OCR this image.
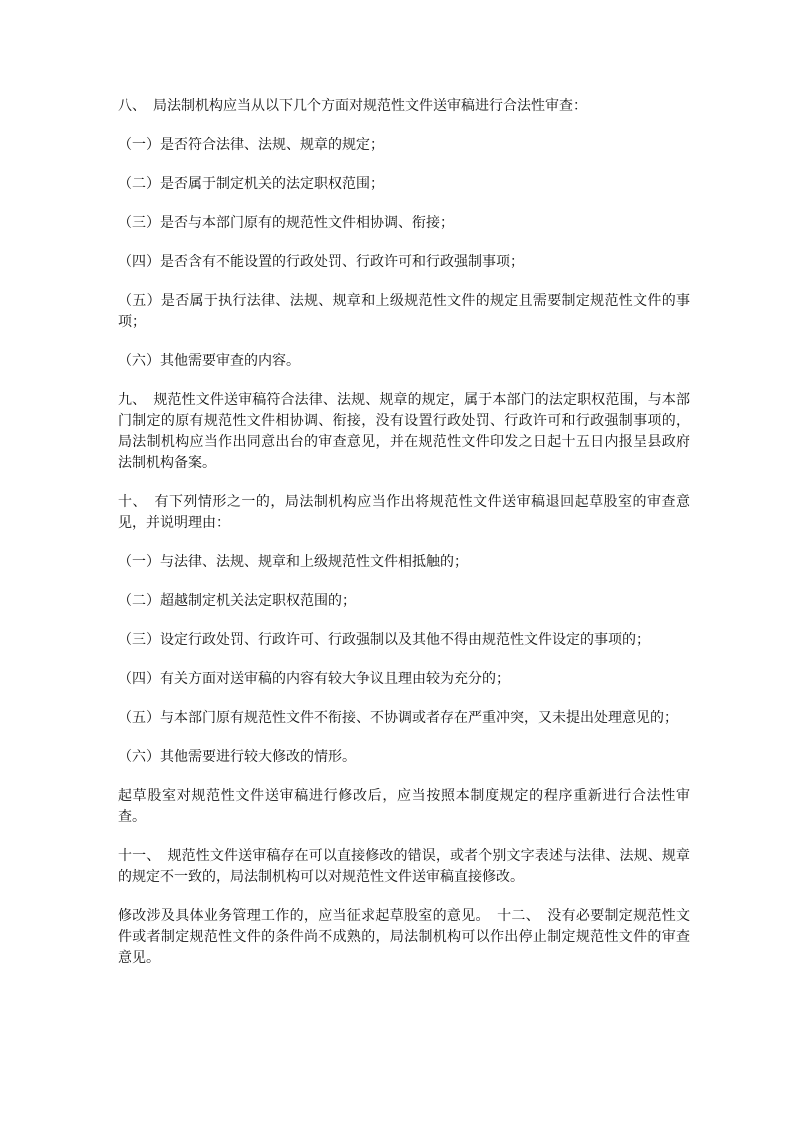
八、　局法制机构应当从以下几个方面对规范性文件送审稿进行合法性审查：

（一）是否符合法律、法规、规章的规定；

（二）是否属于制定机关的法定职权范围；

（三）是否与本部门原有的规范性文件相协调、衔接；

（四）是否含有不能设置的行政处罚、行政许可和行政强制事项；

（五）是否属于执行法律、法规、规章和上级规范性文件的规定且需要制定规范性文件的事项；

（六）其他需要审查的内容。

九、　规范性文件送审稿符合法律、法规、规章的规定，属于本部门的法定职权范围，与本部门制定的原有规范性文件相协调、衔接，没有设置行政处罚、行政许可和行政强制事项的，局法制机构应当作出同意出台的审查意见，并在规范性文件印发之日起十五日内报呈县政府法制机构备案。

十、　有下列情形之一的，局法制机构应当作出将规范性文件送审稿退回起草股室的审查意见，并说明理由：

（一）与法律、法规、规章和上级规范性文件相抵触的；

（二）超越制定机关法定职权范围的；

（三）设定行政处罚、行政许可、行政强制以及其他不得由规范性文件设定的事项的；

（四）有关方面对送审稿的内容有较大争议且理由较为充分的；

（五）与本部门原有规范性文件不衔接、不协调或者存在严重冲突，又未提出处理意见的；

（六）其他需要进行较大修改的情形。

起草股室对规范性文件送审稿进行修改后，应当按照本制度规定的程序重新进行合法性审查。

十一、　规范性文件送审稿存在可以直接修改的错误，或者个别文字表述与法律、法规、规章的规定不一致的，局法制机构可以对规范性文件送审稿直接修改。

修改涉及具体业务管理工作的，应当征求起草股室的意见。　十二、　没有必要制定规范性文件或者制定规范性文件的条件尚不成熟的，局法制机构可以作出停止制定规范性文件的审查意见。
